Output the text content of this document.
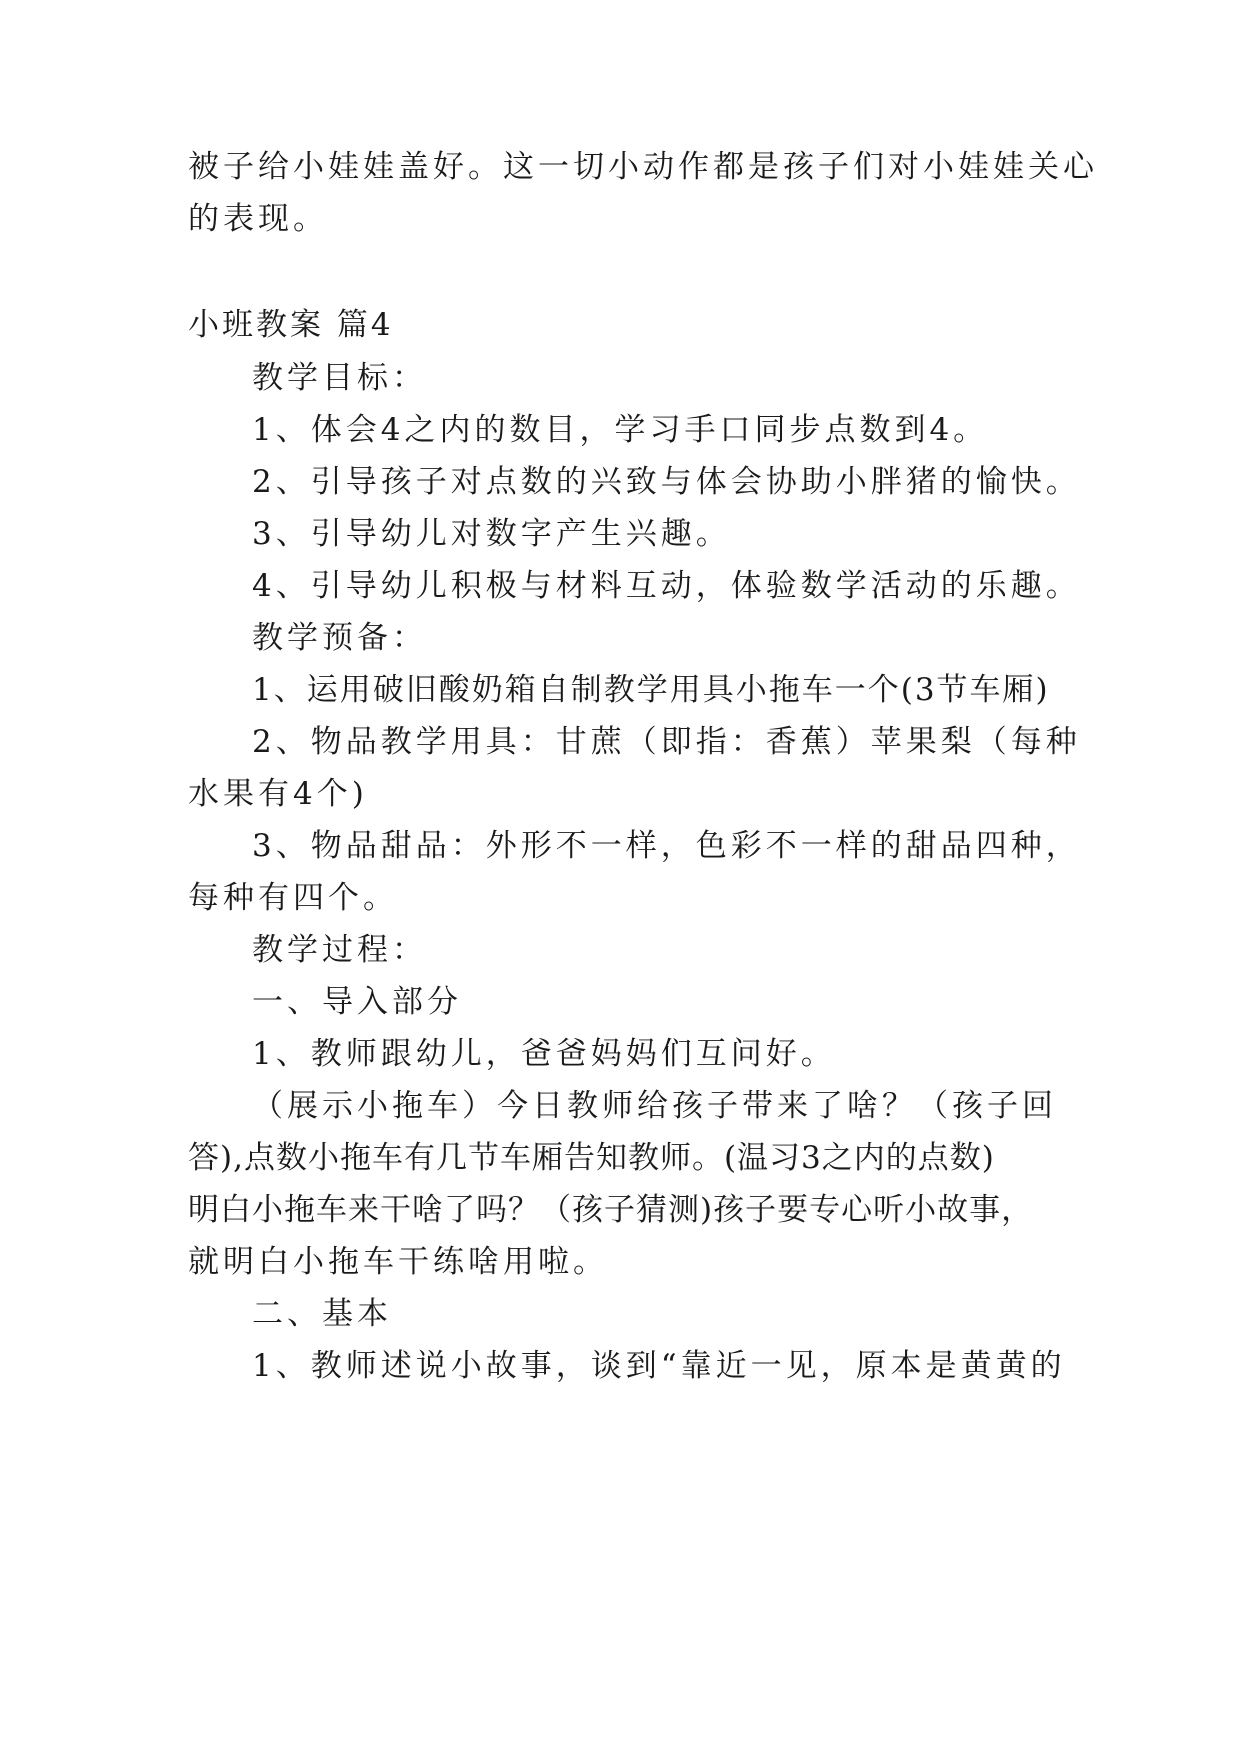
被子给小娃娃盖好。这一切小动作都是孩子们对小娃娃关心
的表现。
小班教案 篇4
教学目标：
1、体会4之内的数目，学习手口同步点数到4。
2、引导孩子对点数的兴致与体会协助小胖猪的愉快。
3、引导幼儿对数字产生兴趣。
4、引导幼儿积极与材料互动，体验数学活动的乐趣。
教学预备：
1、运用破旧酸奶箱自制教学用具小拖车一个(3节车厢)
2、物品教学用具：甘蔗（即指：香蕉）苹果梨（每种
水果有4个)
3、物品甜品：外形不一样，色彩不一样的甜品四种，
每种有四个。
教学过程：
一、导入部分
1、教师跟幼儿，爸爸妈妈们互问好。
（展示小拖车）今日教师给孩子带来了啥？（孩子回
答),点数小拖车有几节车厢告知教师。(温习3之内的点数)
明白小拖车来干啥了吗？（孩子猜测)孩子要专心听小故事，
就明白小拖车干练啥用啦。
二、基本
1、教师述说小故事，谈到“靠近一见，原本是黄黄的
